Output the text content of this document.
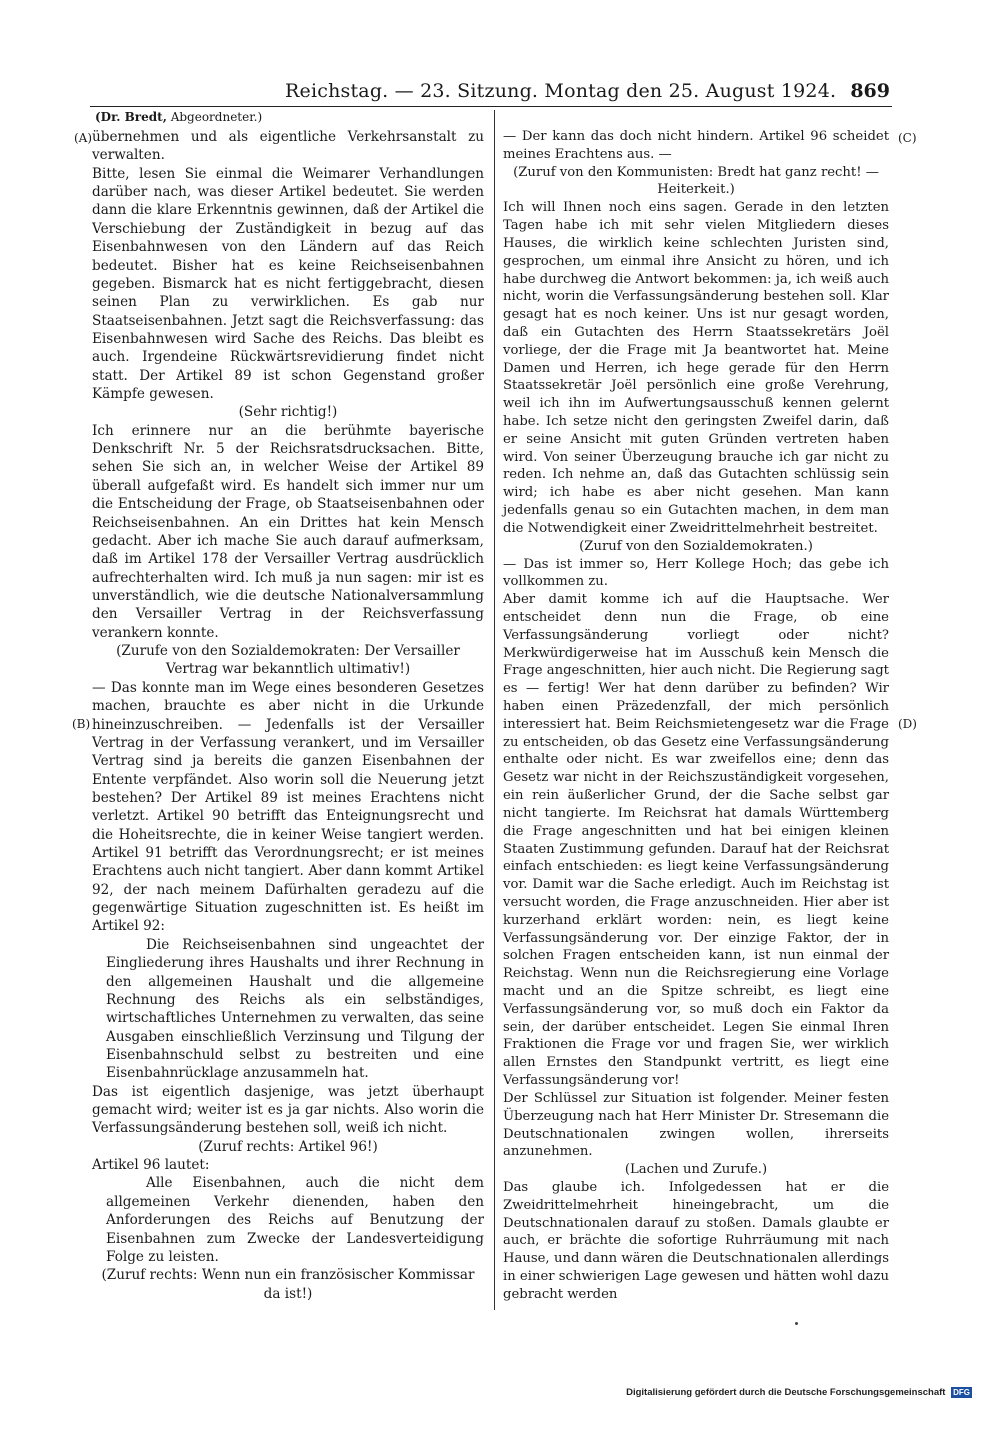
Reichstag. — 23. Sitzung. Montag den 25. August 1924. 869
(Dr. Bredt, Abgeordneter.)
(A)
(B)
(C)
(D)

übernehmen und als eigentliche Verkehrsanstalt zu verwalten.

Bitte, lesen Sie einmal die Weimarer Verhandlungen darüber nach, was dieser Artikel bedeutet. Sie werden dann die klare Erkenntnis gewinnen, daß der Artikel die Verschiebung der Zuständigkeit in bezug auf das Eisenbahnwesen von den Ländern auf das Reich bedeutet. Bisher hat es keine Reichseisenbahnen gegeben. Bismarck hat es nicht fertiggebracht, diesen seinen Plan zu verwirklichen. Es gab nur Staatseisenbahnen. Jetzt sagt die Reichsverfassung: das Eisenbahnwesen wird Sache des Reichs. Das bleibt es auch. Irgendeine Rückwärtsrevidierung findet nicht statt. Der Artikel 89 ist schon Gegenstand großer Kämpfe gewesen.

(Sehr richtig!)

Ich erinnere nur an die berühmte bayerische Denkschrift Nr. 5 der Reichsratsdrucksachen. Bitte, sehen Sie sich an, in welcher Weise der Artikel 89 überall aufgefaßt wird. Es handelt sich immer nur um die Entscheidung der Frage, ob Staatseisenbahnen oder Reichseisenbahnen. An ein Drittes hat kein Mensch gedacht. Aber ich mache Sie auch darauf aufmerksam, daß im Artikel 178 der Versailler Vertrag ausdrücklich aufrechterhalten wird. Ich muß ja nun sagen: mir ist es unverständlich, wie die deutsche Nationalversammlung den Versailler Vertrag in der Reichsverfassung verankern konnte.

(Zurufe von den Sozialdemokraten: Der Versailler Vertrag war bekanntlich ultimativ!)

— Das konnte man im Wege eines besonderen Gesetzes machen, brauchte es aber nicht in die Urkunde hineinzuschreiben. — Jedenfalls ist der Versailler Vertrag in der Verfassung verankert, und im Versailler Vertrag sind ja bereits die ganzen Eisenbahnen der Entente verpfändet. Also worin soll die Neuerung jetzt bestehen? Der Artikel 89 ist meines Erachtens nicht verletzt. Artikel 90 betrifft das Enteignungsrecht und die Hoheitsrechte, die in keiner Weise tangiert werden. Artikel 91 betrifft das Verordnungsrecht; er ist meines Erachtens auch nicht tangiert. Aber dann kommt Artikel 92, der nach meinem Dafürhalten geradezu auf die gegenwärtige Situation zugeschnitten ist. Es heißt im Artikel 92:

Die Reichseisenbahnen sind ungeachtet der Eingliederung ihres Haushalts und ihrer Rechnung in den allgemeinen Haushalt und die allgemeine Rechnung des Reichs als ein selbständiges, wirtschaftliches Unternehmen zu verwalten, das seine Ausgaben einschließlich Verzinsung und Tilgung der Eisenbahnschuld selbst zu bestreiten und eine Eisenbahnrücklage anzusammeln hat.

Das ist eigentlich dasjenige, was jetzt überhaupt gemacht wird; weiter ist es ja gar nichts. Also worin die Verfassungsänderung bestehen soll, weiß ich nicht.

(Zuruf rechts: Artikel 96!)

Artikel 96 lautet:

Alle Eisenbahnen, auch die nicht dem allgemeinen Verkehr dienenden, haben den Anforderungen des Reichs auf Benutzung der Eisenbahnen zum Zwecke der Landesverteidigung Folge zu leisten.

(Zuruf rechts: Wenn nun ein französischer Kommissar da ist!)

— Der kann das doch nicht hindern. Artikel 96 scheidet meines Erachtens aus. —

(Zuruf von den Kommunisten: Bredt hat ganz recht! — Heiterkeit.)

Ich will Ihnen noch eins sagen. Gerade in den letzten Tagen habe ich mit sehr vielen Mitgliedern dieses Hauses, die wirklich keine schlechten Juristen sind, gesprochen, um einmal ihre Ansicht zu hören, und ich habe durchweg die Antwort bekommen: ja, ich weiß auch nicht, worin die Verfassungsänderung bestehen soll. Klar gesagt hat es noch keiner. Uns ist nur gesagt worden, daß ein Gutachten des Herrn Staatssekretärs Joël vorliege, der die Frage mit Ja beantwortet hat. Meine Damen und Herren, ich hege gerade für den Herrn Staatssekretär Joël persönlich eine große Verehrung, weil ich ihn im Aufwertungsausschuß kennen gelernt habe. Ich setze nicht den geringsten Zweifel darin, daß er seine Ansicht mit guten Gründen vertreten haben wird. Von seiner Überzeugung brauche ich gar nicht zu reden. Ich nehme an, daß das Gutachten schlüssig sein wird; ich habe es aber nicht gesehen. Man kann jedenfalls genau so ein Gutachten machen, in dem man die Notwendigkeit einer Zweidrittelmehrheit bestreitet.

(Zuruf von den Sozialdemokraten.)

— Das ist immer so, Herr Kollege Hoch; das gebe ich vollkommen zu.

Aber damit komme ich auf die Hauptsache. Wer entscheidet denn nun die Frage, ob eine Verfassungsänderung vorliegt oder nicht? Merkwürdigerweise hat im Ausschuß kein Mensch die Frage angeschnitten, hier auch nicht. Die Regierung sagt es — fertig! Wer hat denn darüber zu befinden? Wir haben einen Präzedenzfall, der mich persönlich interessiert hat. Beim Reichsmietengesetz war die Frage zu entscheiden, ob das Gesetz eine Verfassungsänderung enthalte oder nicht. Es war zweifellos eine; denn das Gesetz war nicht in der Reichszuständigkeit vorgesehen, ein rein äußerlicher Grund, der die Sache selbst gar nicht tangierte. Im Reichsrat hat damals Württemberg die Frage angeschnitten und hat bei einigen kleinen Staaten Zustimmung gefunden. Darauf hat der Reichsrat einfach entschieden: es liegt keine Verfassungsänderung vor. Damit war die Sache erledigt. Auch im Reichstag ist versucht worden, die Frage anzuschneiden. Hier aber ist kurzerhand erklärt worden: nein, es liegt keine Verfassungsänderung vor. Der einzige Faktor, der in solchen Fragen entscheiden kann, ist nun einmal der Reichstag. Wenn nun die Reichsregierung eine Vorlage macht und an die Spitze schreibt, es liegt eine Verfassungsänderung vor, so muß doch ein Faktor da sein, der darüber entscheidet. Legen Sie einmal Ihren Fraktionen die Frage vor und fragen Sie, wer wirklich allen Ernstes den Standpunkt vertritt, es liegt eine Verfassungsänderung vor!

Der Schlüssel zur Situation ist folgender. Meiner festen Überzeugung nach hat Herr Minister Dr. Stresemann die Deutschnationalen zwingen wollen, ihrerseits anzunehmen.

(Lachen und Zurufe.)

Das glaube ich. Infolgedessen hat er die Zweidrittelmehrheit hineingebracht, um die Deutschnationalen darauf zu stoßen. Damals glaubte er auch, er brächte die sofortige Ruhrräumung mit nach Hause, und dann wären die Deutschnationalen allerdings in einer schwierigen Lage gewesen und hätten wohl dazu gebracht werden

Digitalisierung gefördert durch die Deutsche Forschungsgemeinschaft DFG
